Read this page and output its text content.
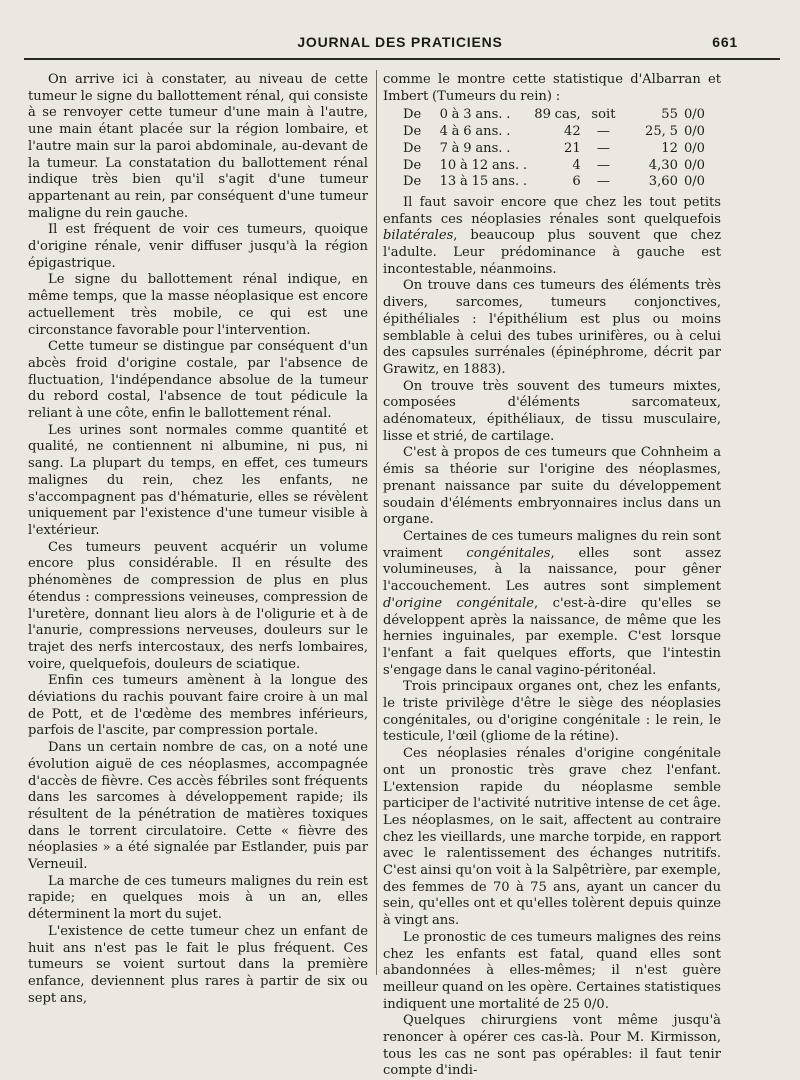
JOURNAL DES PRATICIENS	661

On arrive ici à constater, au niveau de cette tumeur le signe du ballottement rénal, qui consiste à se renvoyer cette tumeur d'une main à l'autre, une main étant placée sur la région lombaire, et l'autre main sur la paroi abdominale, au-devant de la tumeur. La constatation du ballottement rénal indique très bien qu'il s'agit d'une tumeur appartenant au rein, par conséquent d'une tumeur maligne du rein gauche.

Il est fréquent de voir ces tumeurs, quoique d'origine rénale, venir diffuser jusqu'à la région épigastrique.

Le signe du ballottement rénal indique, en même temps, que la masse néoplasique est encore actuellement très mobile, ce qui est une circonstance favorable pour l'intervention.

Cette tumeur se distingue par conséquent d'un abcès froid d'origine costale, par l'absence de fluctuation, l'indépendance absolue de la tumeur du rebord costal, l'absence de tout pédicule la reliant à une côte, enfin le ballottement rénal.

Les urines sont normales comme quantité et qualité, ne contiennent ni albumine, ni pus, ni sang. La plupart du temps, en effet, ces tumeurs malignes du rein, chez les enfants, ne s'accompagnent pas d'hématurie, elles se révèlent uniquement par l'existence d'une tumeur visible à l'extérieur.

Ces tumeurs peuvent acquérir un volume encore plus considérable. Il en résulte des phénomènes de compression de plus en plus étendus : compressions veineuses, compression de l'uretère, donnant lieu alors à de l'oligurie et à de l'anurie, compressions nerveuses, douleurs sur le trajet des nerfs intercostaux, des nerfs lombaires, voire, quelquefois, douleurs de sciatique.

Enfin ces tumeurs amènent à la longue des déviations du rachis pouvant faire croire à un mal de Pott, et de l'œdème des membres inférieurs, parfois de l'ascite, par compression portale.

Dans un certain nombre de cas, on a noté une évolution aiguë de ces néoplasmes, accompagnée d'accès de fièvre. Ces accès fébriles sont fréquents dans les sarcomes à développement rapide; ils résultent de la pénétration de matières toxiques dans le torrent circulatoire. Cette « fièvre des néoplasies » a été signalée par Estlander, puis par Verneuil.

La marche de ces tumeurs malignes du rein est rapide; en quelques mois à un an, elles déterminent la mort du sujet.

L'existence de cette tumeur chez un enfant de huit ans n'est pas le fait le plus fréquent. Ces tumeurs se voient surtout dans la première enfance, deviennent plus rares à partir de six ou sept ans,

comme le montre cette statistique d'Albarran et Imbert (Tumeurs du rein) :

De	0 à 3 ans. .	89 cas,	soit	55	0/0
De	4 à 6 ans. .	42	—	25, 5	0/0
De	7 à 9 ans. .	21	—	12	0/0
De	10 à 12 ans. .	4	—	4,30	0/0
De	13 à 15 ans. .	6	—	3,60	0/0

Il faut savoir encore que chez les tout petits enfants ces néoplasies rénales sont quelquefois bilatérales, beaucoup plus souvent que chez l'adulte. Leur prédominance à gauche est incontestable, néanmoins.

On trouve dans ces tumeurs des éléments très divers, sarcomes, tumeurs conjonctives, épithéliales : l'épithélium est plus ou moins semblable à celui des tubes urinifères, ou à celui des capsules surrénales (épinéphrome, décrit par Grawitz, en 1883).

On trouve très souvent des tumeurs mixtes, composées d'éléments sarcomateux, adénomateux, épithéliaux, de tissu musculaire, lisse et strié, de cartilage.

C'est à propos de ces tumeurs que Cohnheim a émis sa théorie sur l'origine des néoplasmes, prenant naissance par suite du développement soudain d'éléments embryonnaires inclus dans un organe.

Certaines de ces tumeurs malignes du rein sont vraiment congénitales, elles sont assez volumineuses, à la naissance, pour gêner l'accouchement. Les autres sont simplement d'origine congénitale, c'est-à-dire qu'elles se développent après la naissance, de même que les hernies inguinales, par exemple. C'est lorsque l'enfant a fait quelques efforts, que l'intestin s'engage dans le canal vagino-péritonéal.

Trois principaux organes ont, chez les enfants, le triste privilège d'être le siège des néoplasies congénitales, ou d'origine congénitale : le rein, le testicule, l'œil (gliome de la rétine).

Ces néoplasies rénales d'origine congénitale ont un pronostic très grave chez l'enfant. L'extension rapide du néoplasme semble participer de l'activité nutritive intense de cet âge. Les néoplasmes, on le sait, affectent au contraire chez les vieillards, une marche torpide, en rapport avec le ralentissement des échanges nutritifs. C'est ainsi qu'on voit à la Salpêtrière, par exemple, des femmes de 70 à 75 ans, ayant un cancer du sein, qu'elles ont et qu'elles tolèrent depuis quinze à vingt ans.

Le pronostic de ces tumeurs malignes des reins chez les enfants est fatal, quand elles sont abandonnées à elles-mêmes; il n'est guère meilleur quand on les opère. Certaines statistiques indiquent une mortalité de 25 0/0.

Quelques chirurgiens vont même jusqu'à renoncer à opérer ces cas-là. Pour M. Kirmisson, tous les cas ne sont pas opérables: il faut tenir compte d'indi-
